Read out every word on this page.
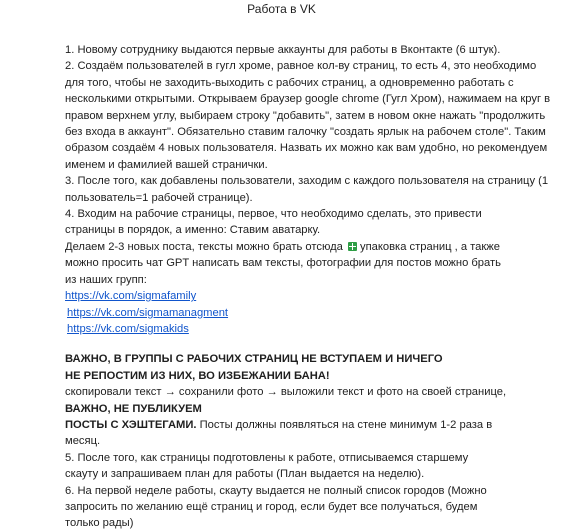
Работа в VK

1. Новому сотруднику выдаются первые аккаунты для работы в Вконтакте (6 штук).

2. Создаём пользователей в гугл хроме, равное кол-ву страниц, то есть 4, это необходимо

для того, чтобы не заходить-выходить с рабочих страниц, а одновременно работать с

несколькими открытыми. Открываем браузер google chrome (Гугл Хром), нажимаем на круг в

правом верхнем углу, выбираем строку "добавить", затем в новом окне нажать "продолжить

без входа в аккаунт". Обязательно ставим галочку "создать ярлык на рабочем столе". Таким

образом создаём 4 новых пользователя. Назвать их можно как вам удобно, но рекомендуем

именем и фамилией вашей странички.

3. После того, как добавлены пользователи, заходим с каждого пользователя на страницу (1

пользователь=1 рабочей странице).

4. Входим на рабочие страницы, первое, что необходимо сделать, это привести

страницы в порядок, а именно: Ставим аватарку.

Делаем 2-3 новых поста, тексты можно брать отсюда упаковка страниц , а также

можно просить чат GPT написать вам тексты, фотографии для постов можно брать

из наших групп:

https://vk.com/sigmafamily

https://vk.com/sigmamanagment

https://vk.com/sigmakids

ВАЖНО, В ГРУППЫ С РАБОЧИХ СТРАНИЦ НЕ ВСТУПАЕМ И НИЧЕГО

НЕ РЕПОСТИМ ИЗ НИХ, ВО ИЗБЕЖАНИИ БАНА!

скопировали текст → сохранили фото → выложили текст и фото на своей странице,

ВАЖНО, НЕ ПУБЛИКУЕМ

ПОСТЫ С ХЭШТЕГАМИ. Посты должны появляться на стене минимум 1-2 раза в

месяц.

5. После того, как страницы подготовлены к работе, отписываемся старшему

скауту и запрашиваем план для работы (План выдается на неделю).

6. На первой неделе работы, скауту выдается не полный список городов (Можно

запросить по желанию ещё страниц и город, если будет все получаться, будем

только рады)
